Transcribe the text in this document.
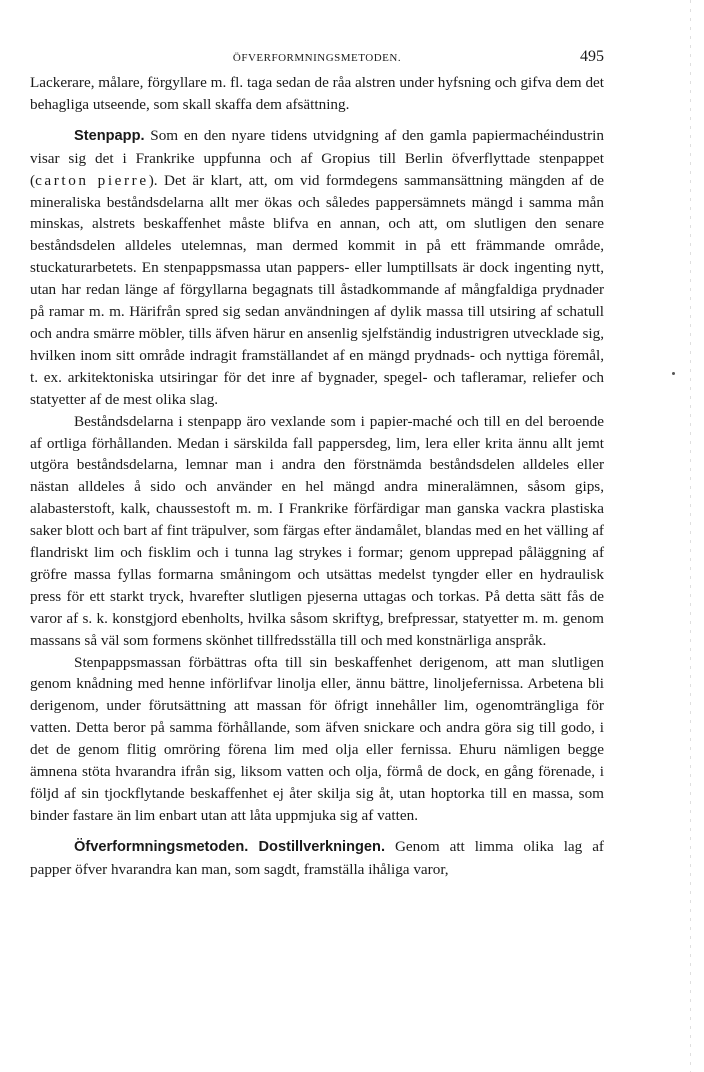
ÖFVERFORMNINGSMETODEN.	495

Lackerare, målare, förgyllare m. fl. taga sedan de råa alstren under hyfsning och gifva dem det behagliga utseende, som skall skaffa dem afsättning.

Stenpapp. Som en den nyare tidens utvidgning af den gamla papiermachéindustrin visar sig det i Frankrike uppfunna och af Gropius till Berlin öfverflyttade stenpappet (carton pierre). Det är klart, att, om vid formdegens sammansättning mängden af de mineraliska beståndsdelarna allt mer ökas och således pappersämnets mängd i samma mån minskas, alstrets beskaffenhet måste blifva en annan, och att, om slutligen den senare beståndsdelen alldeles utelemnas, man dermed kommit in på ett främmande område, stuckaturarbetets. En stenpappsmassa utan pappers- eller lumptillsats är dock ingenting nytt, utan har redan länge af förgyllarna begagnats till åstadkommande af mångfaldiga prydnader på ramar m. m. Härifrån spred sig sedan användningen af dylik massa till utsiring af schatull och andra smärre möbler, tills äfven härur en ansenlig sjelfständig industrigren utvecklade sig, hvilken inom sitt område indragit framställandet af en mängd prydnads- och nyttiga föremål, t. ex. arkitektoniska utsiringar för det inre af bygnader, spegel- och tafleramar, reliefer och statyetter af de mest olika slag.

Beståndsdelarna i stenpapp äro vexlande som i papier-maché och till en del beroende af ortliga förhållanden. Medan i särskilda fall pappersdeg, lim, lera eller krita ännu allt jemt utgöra beståndsdelarna, lemnar man i andra den förstnämda beståndsdelen alldeles eller nästan alldeles å sido och använder en hel mängd andra mineralämnen, såsom gips, alabasterstoft, kalk, chaussestoft m. m. I Frankrike förfärdigar man ganska vackra plastiska saker blott och bart af fint träpulver, som färgas efter ändamålet, blandas med en het välling af flandriskt lim och fisklim och i tunna lag strykes i formar; genom upprepad påläggning af gröfre massa fyllas formarna småningom och utsättas medelst tyngder eller en hydraulisk press för ett starkt tryck, hvarefter slutligen pjeserna uttagas och torkas. På detta sätt fås de varor af s. k. konstgjord ebenholts, hvilka såsom skriftyg, brefpressar, statyetter m. m. genom massans så väl som formens skönhet tillfredsställa till och med konstnärliga anspråk.

Stenpappsmassan förbättras ofta till sin beskaffenhet derigenom, att man slutligen genom knådning med henne införlifvar linolja eller, ännu bättre, linoljefernissa. Arbetena bli derigenom, under förutsättning att massan för öfrigt innehåller lim, ogenomträngliga för vatten. Detta beror på samma förhållande, som äfven snickare och andra göra sig till godo, i det de genom flitig omröring förena lim med olja eller fernissa. Ehuru nämligen begge ämnena stöta hvarandra ifrån sig, liksom vatten och olja, förmå de dock, en gång förenade, i följd af sin tjockflytande beskaffenhet ej åter skilja sig åt, utan hoptorka till en massa, som binder fastare än lim enbart utan att låta uppmjuka sig af vatten.

Öfverformningsmetoden. Dostillverkningen. Genom att limma olika lag af papper öfver hvarandra kan man, som sagdt, framställa ihåliga varor,
